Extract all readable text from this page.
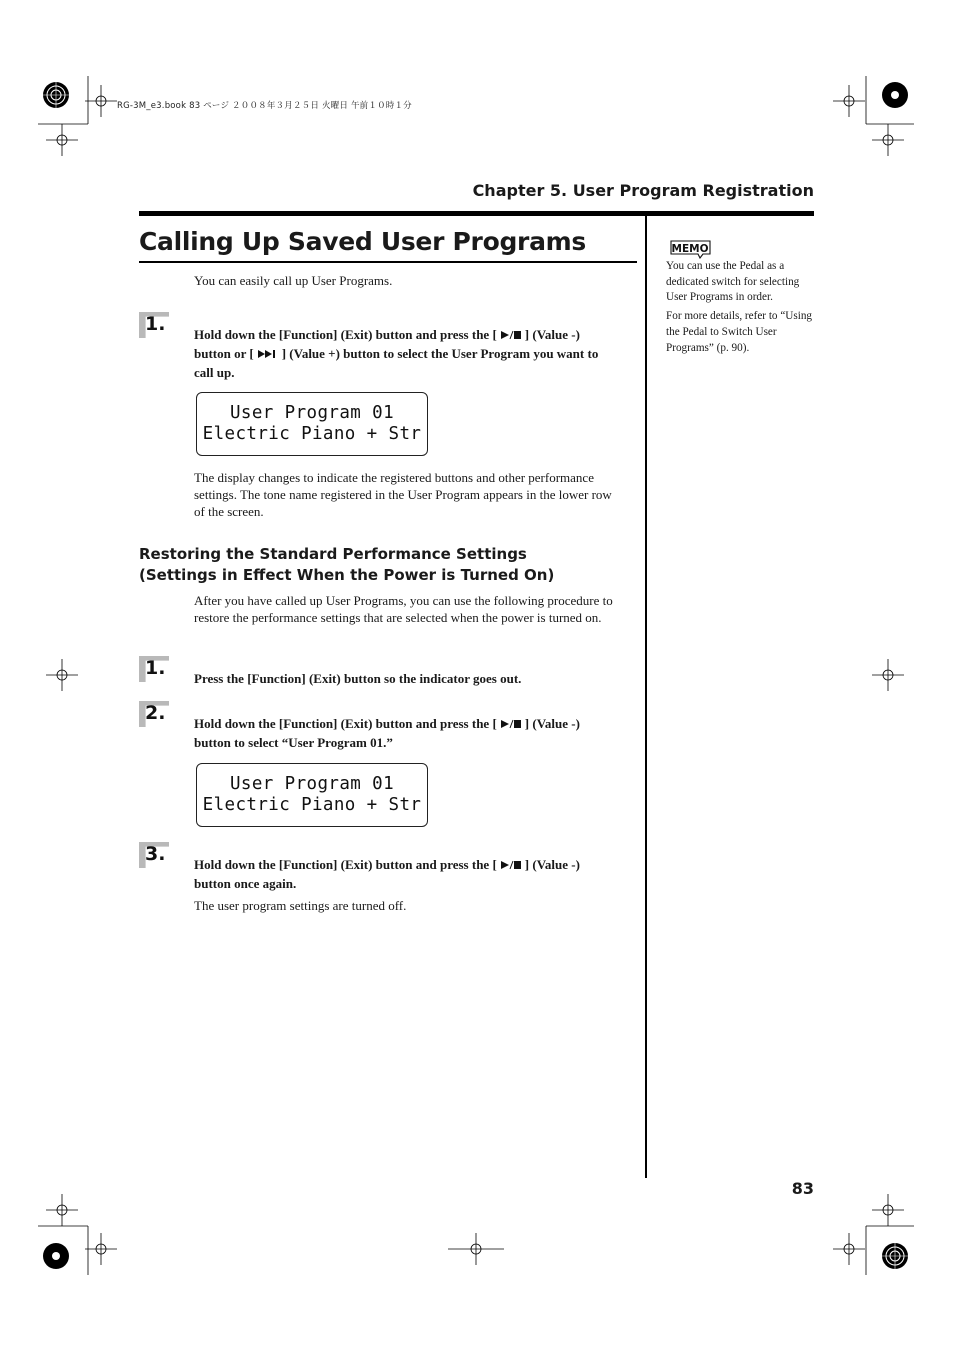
RG-3M_e3.book 83 ページ ２００８年３月２５日 火曜日 午前１０時１分
Chapter 5. User Program Registration
Calling Up Saved User Programs
You can easily call up User Programs.
1. Hold down the [Function] (Exit) button and press the [ ] (Value -) button or [ ] (Value +) button to select the User Program you want to call up.
User Program 01
Electric Piano + Str
The display changes to indicate the registered buttons and other performance settings. The tone name registered in the User Program appears in the lower row of the screen.
Restoring the Standard Performance Settings
(Settings in Effect When the Power is Turned On)
After you have called up User Programs, you can use the following procedure to restore the performance settings that are selected when the power is turned on.
1. Press the [Function] (Exit) button so the indicator goes out.
2. Hold down the [Function] (Exit) button and press the [ ] (Value -) button to select “User Program 01.”
User Program 01
Electric Piano + Str
3. Hold down the [Function] (Exit) button and press the [ ] (Value -) button once again.
The user program settings are turned off.
MEMO

You can use the Pedal as a dedicated switch for selecting User Programs in order.

For more details, refer to “Using the Pedal to Switch User Programs” (p. 90).

83
